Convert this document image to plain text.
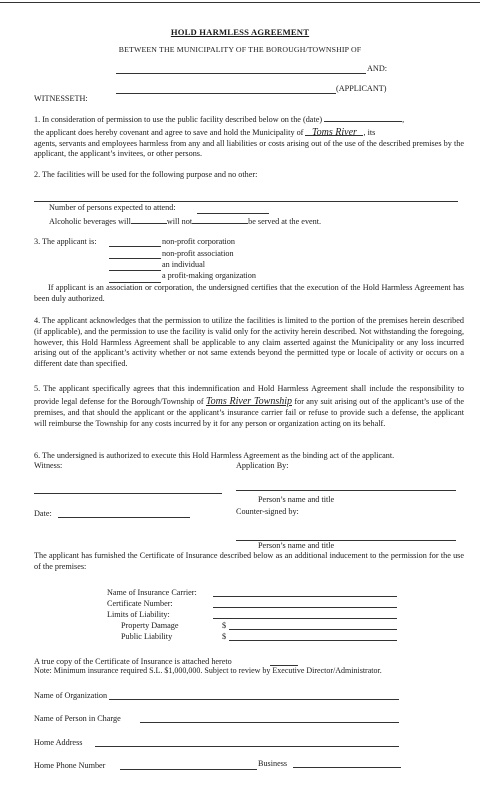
HOLD HARMLESS AGREEMENT
BETWEEN THE MUNICIPALITY OF THE BOROUGH/TOWNSHIP OF
AND:
(APPLICANT)
WITNESSETH:

1. In consideration of permission to use the public facility described below on the (date)	,

the applicant does hereby covenant and agree to save and hold the Municipality of Toms River , its

agents, servants and employees harmless from any and all liabilities or costs arising out of the use of the described premises by the applicant, the applicant’s invitees, or other persons.

2. The facilities will be used for the following purpose and no other:
Number of persons expected to attend:
Alcoholic beverages will	will not	be served at the event.
3. The applicant is:	non-profit corporation
non-profit association
an individual
a profit-making organization
If applicant is an association or corporation, the undersigned certifies that the execution of the Hold Harmless Agreement has been duly authorized.
4. The applicant acknowledges that the permission to utilize the facilities is limited to the portion of the premises herein described (if applicable), and the permission to use the facility is valid only for the activity herein described. Not withstanding the foregoing, however, this Hold Harmless Agreement shall be applicable to any claim asserted against the Municipality or any loss incurred arising out of the applicant’s activity whether or not same extends beyond the permitted type or locale of activity or occurs on a different date than specified.
5. The applicant specifically agrees that this indemnification and Hold Harmless Agreement shall include the responsibility to provide legal defense for the Borough/Township of Toms River Township for any suit arising out of the applicant’s use of the premises, and that should the applicant or the applicant’s insurance carrier fail or refuse to provide such a defense, the applicant will reimburse the Township for any costs incurred by it for any person or organization acting on its behalf.
6. The undersigned is authorized to execute this Hold Harmless Agreement as the binding act of the applicant.
Witness:	Application By:
Person’s name and title
Date:	Counter-signed by:
Person’s name and title
The applicant has furnished the Certificate of Insurance described below as an additional inducement to the permission for the use of the premises:
Name of Insurance Carrier:
Certificate Number:
Limits of Liability:
Property Damage	$
Public Liability	$
A true copy of the Certificate of Insurance is attached hereto
Note: Minimum insurance required S.L. $1,000,000. Subject to review by Executive Director/Administrator.
Name of Organization
Name of Person in Charge
Home Address
Home Phone Number	Business
